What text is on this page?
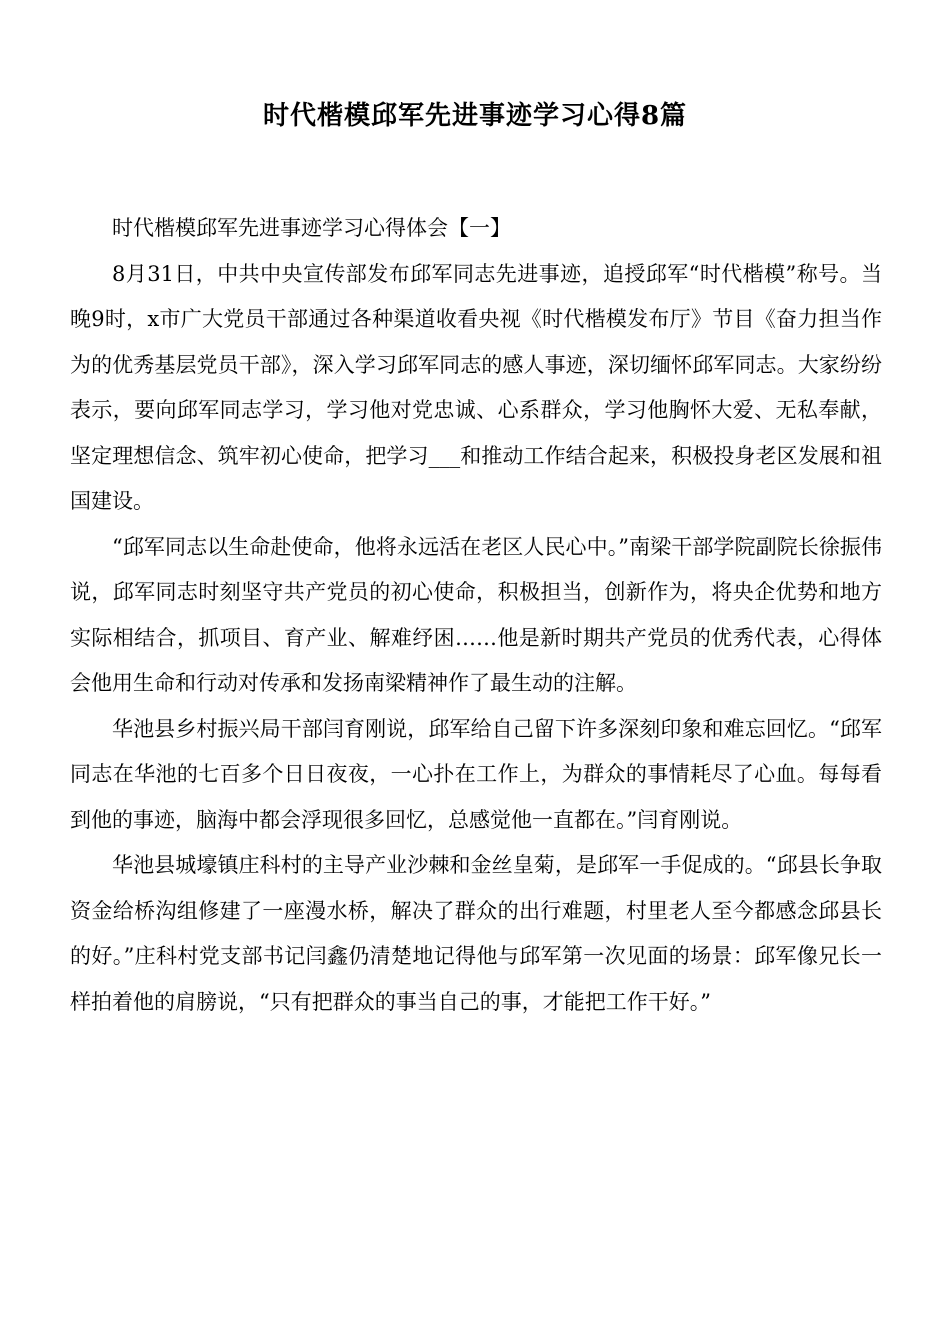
时代楷模邱军先进事迹学习心得8篇

时代楷模邱军先进事迹学习心得体会【一】

8月31日，中共中央宣传部发布邱军同志先进事迹，追授邱军“时代楷模”称号。当晚9时，x市广大党员干部通过各种渠道收看央视《时代楷模发布厅》节目《奋力担当作为的优秀基层党员干部》，深入学习邱军同志的感人事迹，深切缅怀邱军同志。大家纷纷表示，要向邱军同志学习，学习他对党忠诚、心系群众，学习他胸怀大爱、无私奉献，坚定理想信念、筑牢初心使命，把学习___和推动工作结合起来，积极投身老区发展和祖国建设。

“邱军同志以生命赴使命，他将永远活在老区人民心中。”南梁干部学院副院长徐振伟说，邱军同志时刻坚守共产党员的初心使命，积极担当，创新作为，将央企优势和地方实际相结合，抓项目、育产业、解难纾困……他是新时期共产党员的优秀代表，心得体会他用生命和行动对传承和发扬南梁精神作了最生动的注解。

华池县乡村振兴局干部闫育刚说，邱军给自己留下许多深刻印象和难忘回忆。“邱军同志在华池的七百多个日日夜夜，一心扑在工作上，为群众的事情耗尽了心血。每每看到他的事迹，脑海中都会浮现很多回忆，总感觉他一直都在。”闫育刚说。

华池县城壕镇庄科村的主导产业沙棘和金丝皇菊，是邱军一手促成的。“邱县长争取资金给桥沟组修建了一座漫水桥，解决了群众的出行难题，村里老人至今都感念邱县长的好。”庄科村党支部书记闫鑫仍清楚地记得他与邱军第一次见面的场景：邱军像兄长一样拍着他的肩膀说，“只有把群众的事当自己的事，才能把工作干好。”
